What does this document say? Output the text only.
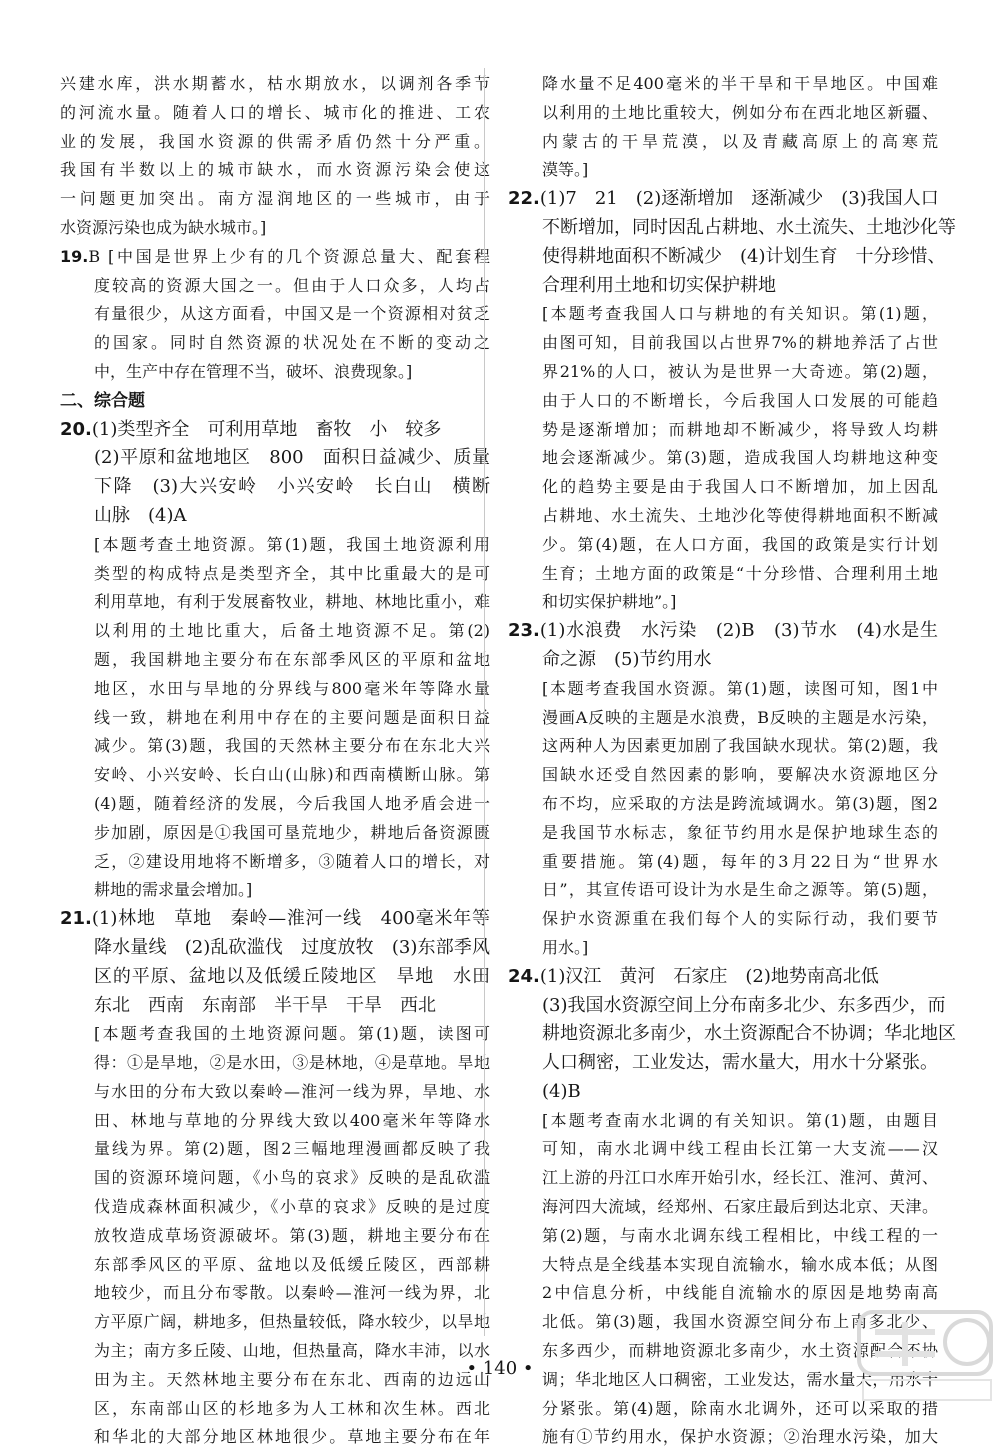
兴建水库，洪水期蓄水，枯水期放水，以调剂各季节
的河流水量。随着人口的增长、城市化的推进、工农
业的发展，我国水资源的供需矛盾仍然十分严重。
我国有半数以上的城市缺水，而水资源污染会使这
一问题更加突出。南方湿润地区的一些城市，由于
水资源污染也成为缺水城市。]
19.B [中国是世界上少有的几个资源总量大、配套程
度较高的资源大国之一。但由于人口众多，人均占
有量很少，从这方面看，中国又是一个资源相对贫乏
的国家。同时自然资源的状况处在不断的变动之
中，生产中存在管理不当，破坏、浪费现象。]
二、综合题
20.(1)类型齐全　可利用草地　畜牧　小　较多
(2)平原和盆地地区　800　面积日益减少、质量
下降　(3)大兴安岭　小兴安岭　长白山　横断
山脉　(4)A
[本题考查土地资源。第(1)题，我国土地资源利用
类型的构成特点是类型齐全，其中比重最大的是可
利用草地，有利于发展畜牧业，耕地、林地比重小，难
以利用的土地比重大，后备土地资源不足。第(2)
题，我国耕地主要分布在东部季风区的平原和盆地
地区，水田与旱地的分界线与800毫米年等降水量
线一致，耕地在利用中存在的主要问题是面积日益
减少。第(3)题，我国的天然林主要分布在东北大兴
安岭、小兴安岭、长白山(山脉)和西南横断山脉。第
(4)题，随着经济的发展，今后我国人地矛盾会进一
步加剧，原因是①我国可垦荒地少，耕地后备资源匮
乏，②建设用地将不断增多，③随着人口的增长，对
耕地的需求量会增加。]
21.(1)林地　草地　秦岭—淮河一线　400毫米年等
降水量线　(2)乱砍滥伐　过度放牧　(3)东部季风
区的平原、盆地以及低缓丘陵地区　旱地　水田
东北　西南　东南部　半干旱　干旱　西北
[本题考查我国的土地资源问题。第(1)题，读图可
得：①是旱地，②是水田，③是林地，④是草地。旱地
与水田的分布大致以秦岭—淮河一线为界，旱地、水
田、林地与草地的分界线大致以400毫米年等降水
量线为界。第(2)题，图2三幅地理漫画都反映了我
国的资源环境问题，《小鸟的哀求》反映的是乱砍滥
伐造成森林面积减少，《小草的哀求》反映的是过度
放牧造成草场资源破坏。第(3)题，耕地主要分布在
东部季风区的平原、盆地以及低缓丘陵区，西部耕
地较少，而且分布零散。以秦岭—淮河一线为界，北
方平原广阔，耕地多，但热量较低，降水较少，以旱地
为主；南方多丘陵、山地，但热量高，降水丰沛，以水
田为主。天然林地主要分布在东北、西南的边远山
区，东南部山区的杉地多为人工林和次生林。西北
和华北的大部分地区林地很少。草地主要分布在年
降水量不足400毫米的半干旱和干旱地区。中国难
以利用的土地比重较大，例如分布在西北地区新疆、
内蒙古的干旱荒漠，以及青藏高原上的高寒荒
漠等。]
22.(1)7　21　(2)逐渐增加　逐渐减少　(3)我国人口
不断增加，同时因乱占耕地、水土流失、土地沙化等
使得耕地面积不断减少　(4)计划生育　十分珍惜、
合理利用土地和切实保护耕地
[本题考查我国人口与耕地的有关知识。第(1)题，
由图可知，目前我国以占世界7%的耕地养活了占世
界21%的人口，被认为是世界一大奇迹。第(2)题，
由于人口的不断增长，今后我国人口发展的可能趋
势是逐渐增加；而耕地却不断减少，将导致人均耕
地会逐渐减少。第(3)题，造成我国人均耕地这种变
化的趋势主要是由于我国人口不断增加，加上因乱
占耕地、水土流失、土地沙化等使得耕地面积不断减
少。第(4)题，在人口方面，我国的政策是实行计划
生育；土地方面的政策是“十分珍惜、合理利用土地
和切实保护耕地”。]
23.(1)水浪费　水污染　(2)B　(3)节水　(4)水是生
命之源　(5)节约用水
[本题考查我国水资源。第(1)题，读图可知，图1中
漫画A反映的主题是水浪费，B反映的主题是水污染，
这两种人为因素更加剧了我国缺水现状。第(2)题，我
国缺水还受自然因素的影响，要解决水资源地区分
布不均，应采取的方法是跨流域调水。第(3)题，图2
是我国节水标志，象征节约用水是保护地球生态的
重要措施。第(4)题，每年的3月22日为“世界水
日”，其宣传语可设计为水是生命之源等。第(5)题，
保护水资源重在我们每个人的实际行动，我们要节
用水。]
24.(1)汉江　黄河　石家庄　(2)地势南高北低
(3)我国水资源空间上分布南多北少、东多西少，而
耕地资源北多南少，水土资源配合不协调；华北地区
人口稠密，工业发达，需水量大，用水十分紧张。
(4)B
[本题考查南水北调的有关知识。第(1)题，由题目
可知，南水北调中线工程由长江第一大支流——汉
江上游的丹江口水库开始引水，经长江、淮河、黄河、
海河四大流域，经郑州、石家庄最后到达北京、天津。
第(2)题，与南水北调东线工程相比，中线工程的一
大特点是全线基本实现自流输水，输水成本低；从图
2中信息分析，中线能自流输水的原因是地势南高
北低。第(3)题，我国水资源空间分布上南多北少、
东多西少，而耕地资源北多南少，水土资源配合不协
调；华北地区人口稠密，工业发达，需水量大，用水十
分紧张。第(4)题，除南水北调外，还可以采取的措
施有①节约用水，保护水资源；②治理水污染，加大
• 140 •
